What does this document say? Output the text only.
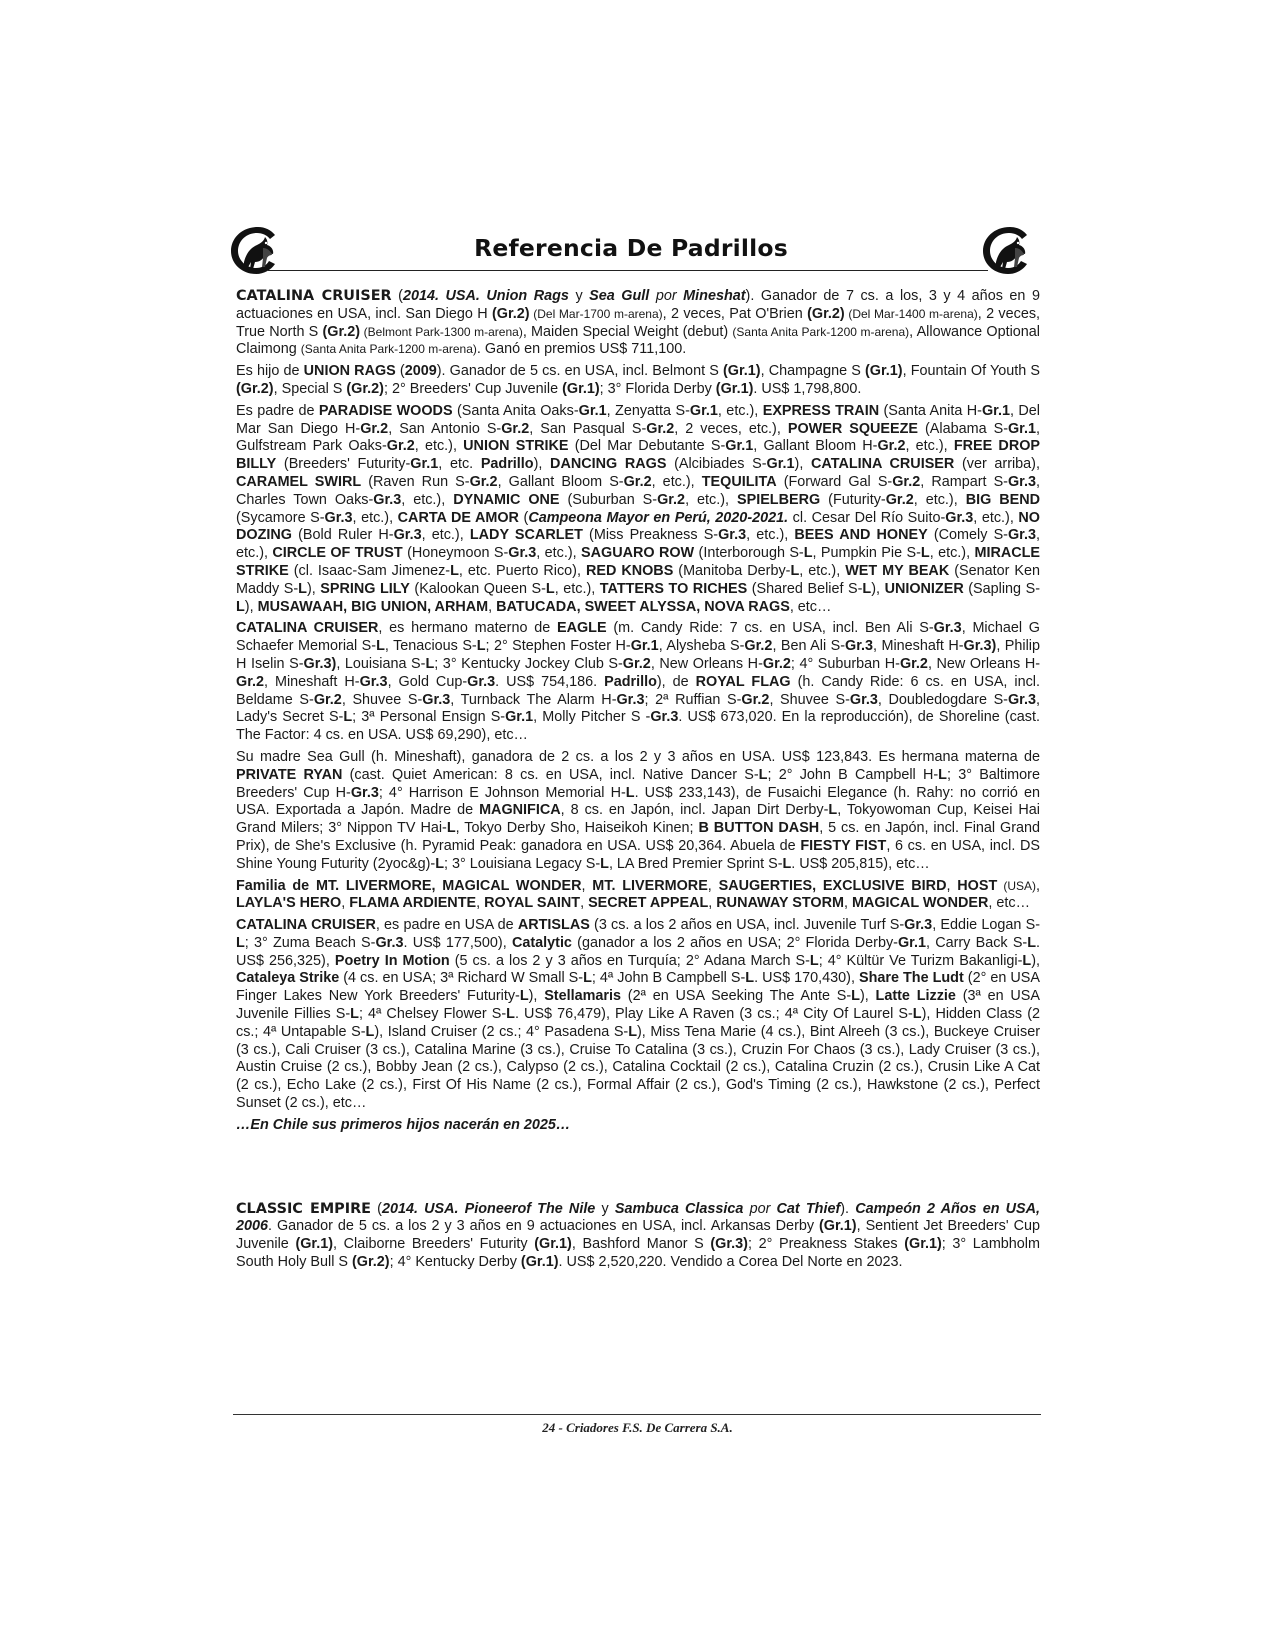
Referencia De Padrillos

CATALINA CRUISER (2014. USA. Union Rags y Sea Gull por Mineshat). Ganador de 7 cs. a los, 3 y 4 años en 9 actuaciones en USA, incl. San Diego H (Gr.2) (Del Mar-1700 m-arena), 2 veces, Pat O'Brien (Gr.2) (Del Mar-1400 m-arena), 2 veces, True North S (Gr.2) (Belmont Park-1300 m-arena), Maiden Special Weight (debut) (Santa Anita Park-1200 m-arena), Allowance Optional Claimong (Santa Anita Park-1200 m-arena). Ganó en premios US$ 711,100.

Es hijo de UNION RAGS (2009). Ganador de 5 cs. en USA, incl. Belmont S (Gr.1), Champagne S (Gr.1), Fountain Of Youth S (Gr.2), Special S (Gr.2); 2° Breeders' Cup Juvenile (Gr.1); 3° Florida Derby (Gr.1). US$ 1,798,800.

Es padre de PARADISE WOODS (Santa Anita Oaks-Gr.1, Zenyatta S-Gr.1, etc.), EXPRESS TRAIN (Santa Anita H-Gr.1, Del Mar San Diego H-Gr.2, San Antonio S-Gr.2, San Pasqual S-Gr.2, 2 veces, etc.), POWER SQUEEZE (Alabama S-Gr.1, Gulfstream Park Oaks-Gr.2, etc.), UNION STRIKE (Del Mar Debutante S-Gr.1, Gallant Bloom H-Gr.2, etc.), FREE DROP BILLY (Breeders' Futurity-Gr.1, etc. Padrillo), DANCING RAGS (Alcibiades S-Gr.1), CATALINA CRUISER (ver arriba), CARAMEL SWIRL (Raven Run S-Gr.2, Gallant Bloom S-Gr.2, etc.), TEQUILITA (Forward Gal S-Gr.2, Rampart S-Gr.3, Charles Town Oaks-Gr.3, etc.), DYNAMIC ONE (Suburban S-Gr.2, etc.), SPIELBERG (Futurity-Gr.2, etc.), BIG BEND (Sycamore S-Gr.3, etc.), CARTA DE AMOR (Campeona Mayor en Perú, 2020-2021. cl. Cesar Del Río Suito-Gr.3, etc.), NO DOZING (Bold Ruler H-Gr.3, etc.), LADY SCARLET (Miss Preakness S-Gr.3, etc.), BEES AND HONEY (Comely S-Gr.3, etc.), CIRCLE OF TRUST (Honeymoon S-Gr.3, etc.), SAGUARO ROW (Interborough S-L, Pumpkin Pie S-L, etc.), MIRACLE STRIKE (cl. Isaac-Sam Jimenez-L, etc. Puerto Rico), RED KNOBS (Manitoba Derby-L, etc.), WET MY BEAK (Senator Ken Maddy S-L), SPRING LILY (Kalookan Queen S-L, etc.), TATTERS TO RICHES (Shared Belief S-L), UNIONIZER (Sapling S-L), MUSAWAAH, BIG UNION, ARHAM, BATUCADA, SWEET ALYSSA, NOVA RAGS, etc…

CATALINA CRUISER, es hermano materno de EAGLE (m. Candy Ride: 7 cs. en USA, incl. Ben Ali S-Gr.3, Michael G Schaefer Memorial S-L, Tenacious S-L; 2° Stephen Foster H-Gr.1, Alysheba S-Gr.2, Ben Ali S-Gr.3, Mineshaft H-Gr.3), Philip H Iselin S-Gr.3), Louisiana S-L; 3° Kentucky Jockey Club S-Gr.2, New Orleans H-Gr.2; 4° Suburban H-Gr.2, New Orleans H-Gr.2, Mineshaft H-Gr.3, Gold Cup-Gr.3. US$ 754,186. Padrillo), de ROYAL FLAG (h. Candy Ride: 6 cs. en USA, incl. Beldame S-Gr.2, Shuvee S-Gr.3, Turnback The Alarm H-Gr.3; 2ª Ruffian S-Gr.2, Shuvee S-Gr.3, Doubledogdare S-Gr.3, Lady's Secret S-L; 3ª Personal Ensign S-Gr.1, Molly Pitcher S -Gr.3. US$ 673,020. En la reproducción), de Shoreline (cast. The Factor: 4 cs. en USA. US$ 69,290), etc…

Su madre Sea Gull (h. Mineshaft), ganadora de 2 cs. a los 2 y 3 años en USA. US$ 123,843. Es hermana materna de PRIVATE RYAN (cast. Quiet American: 8 cs. en USA, incl. Native Dancer S-L; 2° John B Campbell H-L; 3° Baltimore Breeders' Cup H-Gr.3; 4° Harrison E Johnson Memorial H-L. US$ 233,143), de Fusaichi Elegance (h. Rahy: no corrió en USA. Exportada a Japón. Madre de MAGNIFICA, 8 cs. en Japón, incl. Japan Dirt Derby-L, Tokyowoman Cup, Keisei Hai Grand Milers; 3° Nippon TV Hai-L, Tokyo Derby Sho, Haiseikoh Kinen; B BUTTON DASH, 5 cs. en Japón, incl. Final Grand Prix), de She's Exclusive (h. Pyramid Peak: ganadora en USA. US$ 20,364. Abuela de FIESTY FIST, 6 cs. en USA, incl. DS Shine Young Futurity (2yoc&g)-L; 3° Louisiana Legacy S-L, LA Bred Premier Sprint S-L. US$ 205,815), etc…

Familia de MT. LIVERMORE, MAGICAL WONDER, MT. LIVERMORE, SAUGERTIES, EXCLUSIVE BIRD, HOST (USA), LAYLA'S HERO, FLAMA ARDIENTE, ROYAL SAINT, SECRET APPEAL, RUNAWAY STORM, MAGICAL WONDER, etc…

CATALINA CRUISER, es padre en USA de ARTISLAS (3 cs. a los 2 años en USA, incl. Juvenile Turf S-Gr.3, Eddie Logan S-L; 3° Zuma Beach S-Gr.3. US$ 177,500), Catalytic (ganador a los 2 años en USA; 2° Florida Derby-Gr.1, Carry Back S-L. US$ 256,325), Poetry In Motion (5 cs. a los 2 y 3 años en Turquía; 2° Adana March S-L; 4° Kültür Ve Turizm Bakanligi-L), Cataleya Strike (4 cs. en USA; 3ª Richard W Small S-L; 4ª John B Campbell S-L. US$ 170,430), Share The Ludt (2° en USA Finger Lakes New York Breeders' Futurity-L), Stellamaris (2ª en USA Seeking The Ante S-L), Latte Lizzie (3ª en USA Juvenile Fillies S-L; 4ª Chelsey Flower S-L. US$ 76,479), Play Like A Raven (3 cs.; 4ª City Of Laurel S-L), Hidden Class (2 cs.; 4ª Untapable S-L), Island Cruiser (2 cs.; 4° Pasadena S-L), Miss Tena Marie (4 cs.), Bint Alreeh (3 cs.), Buckeye Cruiser (3 cs.), Cali Cruiser (3 cs.), Catalina Marine (3 cs.), Cruise To Catalina (3 cs.), Cruzin For Chaos (3 cs.), Lady Cruiser (3 cs.), Austin Cruise (2 cs.), Bobby Jean (2 cs.), Calypso (2 cs.), Catalina Cocktail (2 cs.), Catalina Cruzin (2 cs.), Crusin Like A Cat (2 cs.), Echo Lake (2 cs.), First Of His Name (2 cs.), Formal Affair (2 cs.), God's Timing (2 cs.), Hawkstone (2 cs.), Perfect Sunset (2 cs.), etc…

…En Chile sus primeros hijos nacerán en 2025…

CLASSIC EMPIRE (2014. USA. Pioneerof The Nile y Sambuca Classica por Cat Thief). Campeón 2 Años en USA, 2006. Ganador de 5 cs. a los 2 y 3 años en 9 actuaciones en USA, incl. Arkansas Derby (Gr.1), Sentient Jet Breeders' Cup Juvenile (Gr.1), Claiborne Breeders' Futurity (Gr.1), Bashford Manor S (Gr.3); 2° Preakness Stakes (Gr.1); 3° Lambholm South Holy Bull S (Gr.2); 4° Kentucky Derby (Gr.1). US$ 2,520,220. Vendido a Corea Del Norte en 2023.

24 - Criadores F.S. De Carrera S.A.
